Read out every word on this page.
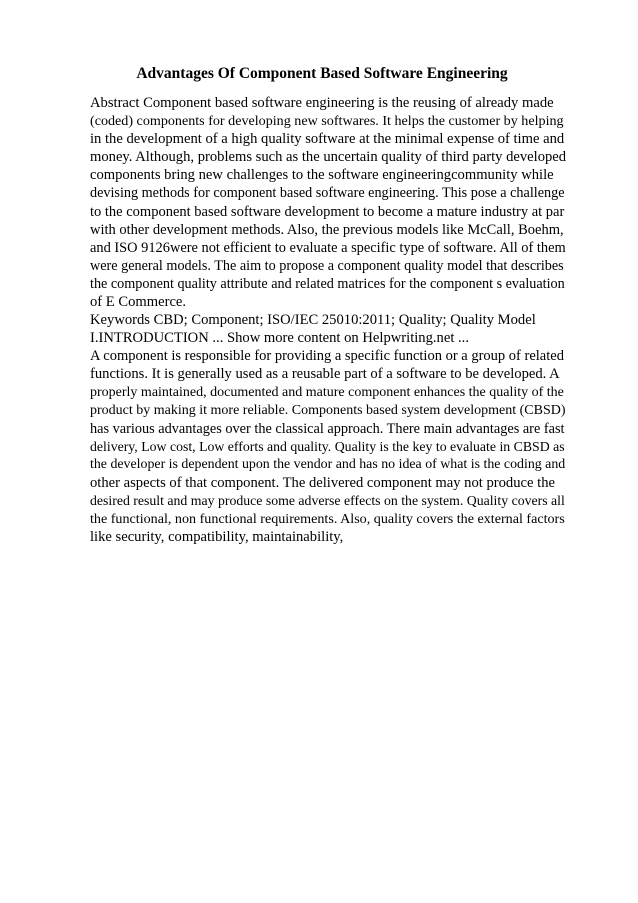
Advantages Of Component Based Software Engineering

Abstract Component based software engineering is the reusing of already made

(coded) components for developing new softwares. It helps the customer by helping

in the development of a high quality software at the minimal expense of time and

money. Although, problems such as the uncertain quality of third party developed

components bring new challenges to the software engineeringcommunity while

devising methods for component based software engineering. This pose a challenge

to the component based software development to become a mature industry at par

with other development methods. Also, the previous models like McCall, Boehm,

and ISO 9126were not efficient to evaluate a specific type of software. All of them

were general models. The aim to propose a component quality model that describes

the component quality attribute and related matrices for the component s evaluation

of E Commerce.

Keywords CBD; Component; ISO/IEC 25010:2011; Quality; Quality Model

I.INTRODUCTION ... Show more content on Helpwriting.net ...

A component is responsible for providing a specific function or a group of related

functions. It is generally used as a reusable part of a software to be developed. A

properly maintained, documented and mature component enhances the quality of the

product by making it more reliable. Components based system development (CBSD)

has various advantages over the classical approach. There main advantages are fast

delivery, Low cost, Low efforts and quality. Quality is the key to evaluate in CBSD as

the developer is dependent upon the vendor and has no idea of what is the coding and

other aspects of that component. The delivered component may not produce the

desired result and may produce some adverse effects on the system. Quality covers all

the functional, non functional requirements. Also, quality covers the external factors

like security, compatibility, maintainability,
